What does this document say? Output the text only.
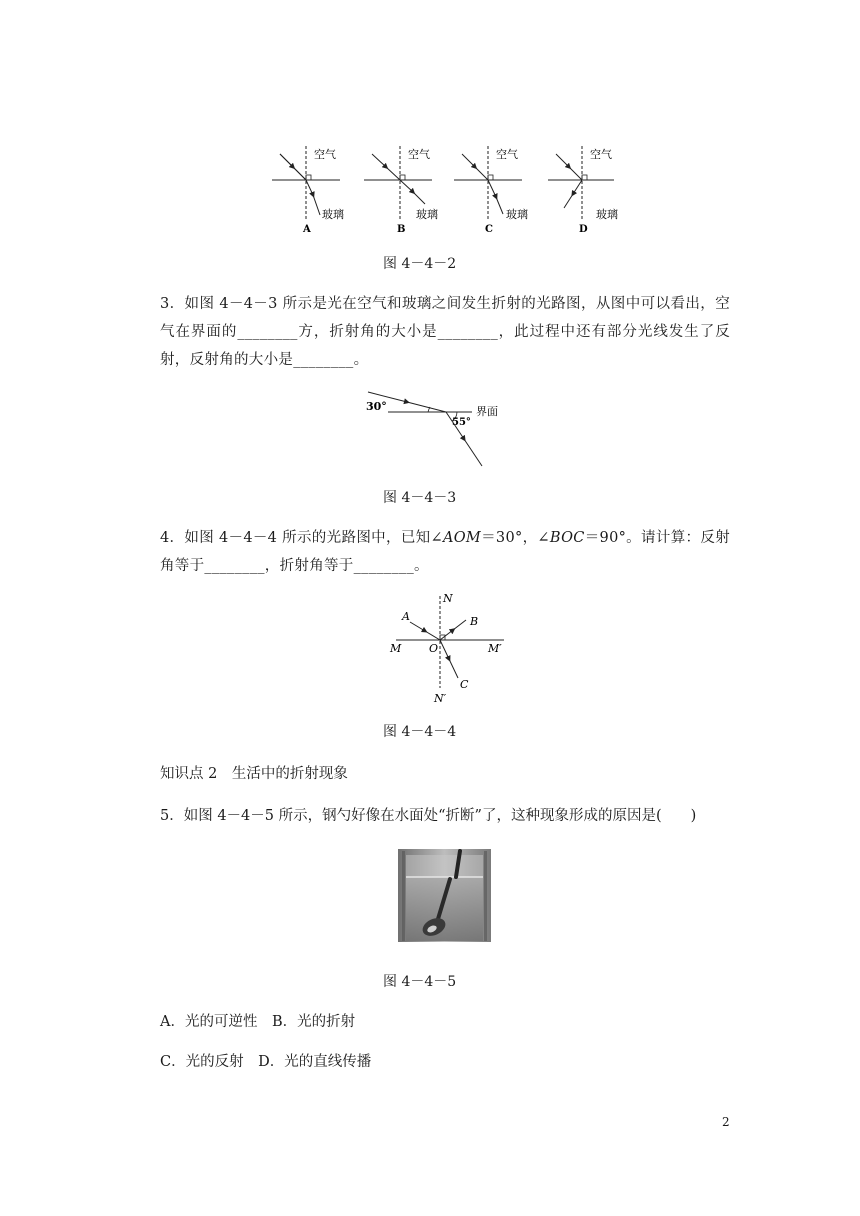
空气
玻璃
A
空气
玻璃
B
空气
玻璃
C
空气
玻璃
D
图 4－4－2
3．如图 4－4－3 所示是光在空气和玻璃之间发生折射的光路图，从图中可以看出，空气在界面的________方，折射角的大小是________，此过程中还有部分光线发生了反射，反射角的大小是________。
30°
55°
界面
图 4－4－3
4．如图 4－4－4 所示的光路图中，已知∠AOM＝30°，∠BOC＝90°。请计算：反射角等于________，折射角等于________。
N
A	B
M	O	M′
C
N′
图 4－4－4
知识点 2　生活中的折射现象
5．如图 4－4－5 所示，钢勺好像在水面处“折断”了，这种现象形成的原因是(　　)
图 4－4－5
A．光的可逆性　B．光的折射
C．光的反射　D．光的直线传播
2
